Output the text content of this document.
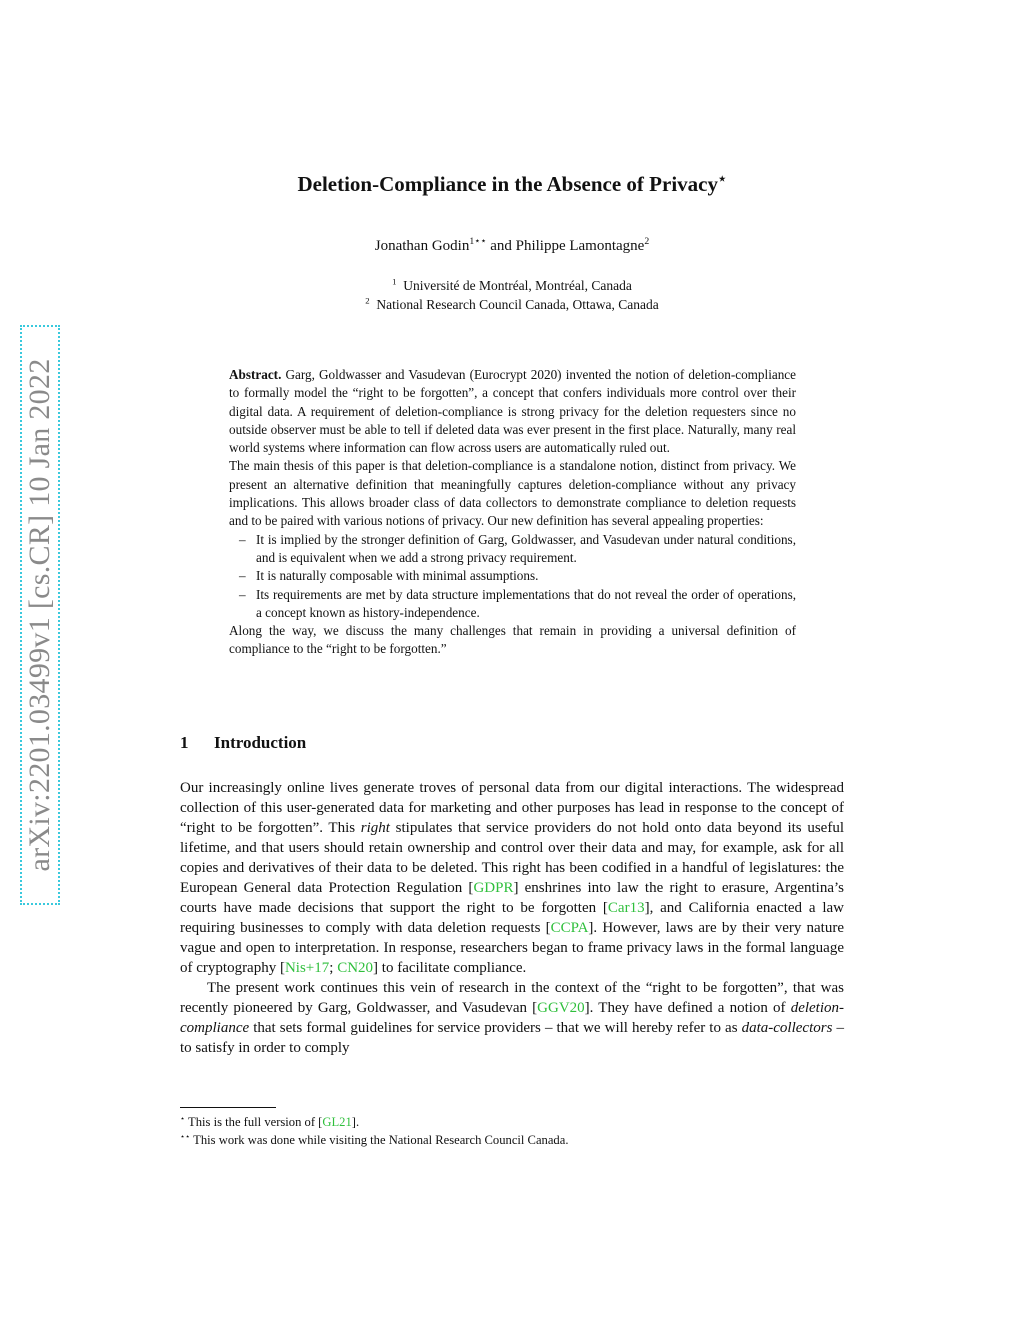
arXiv:2201.03499v1 [cs.CR] 10 Jan 2022
Deletion-Compliance in the Absence of Privacy⋆
Jonathan Godin$^{1⋆⋆}$ and Philippe Lamontagne$^2$
$^1$ Université de Montréal, Montréal, Canada
$^2$ National Research Council Canada, Ottawa, Canada

Abstract. Garg, Goldwasser and Vasudevan (Eurocrypt 2020) invented the notion of deletion-compliance to formally model the “right to be forgotten”, a concept that confers individuals more control over their digital data. A requirement of deletion-compliance is strong privacy for the deletion requesters since no outside observer must be able to tell if deleted data was ever present in the first place. Naturally, many real world systems where information can flow across users are automatically ruled out.

The main thesis of this paper is that deletion-compliance is a standalone notion, distinct from privacy. We present an alternative definition that meaningfully captures deletion-compliance without any privacy implications. This allows broader class of data collectors to demonstrate compliance to deletion requests and to be paired with various notions of privacy. Our new definition has several appealing properties:

– It is implied by the stronger definition of Garg, Goldwasser, and Vasudevan under natural conditions, and is equivalent when we add a strong privacy requirement.
– It is naturally composable with minimal assumptions.
– Its requirements are met by data structure implementations that do not reveal the order of operations, a concept known as history-independence.

Along the way, we discuss the many challenges that remain in providing a universal definition of compliance to the “right to be forgotten.”

1 Introduction

Our increasingly online lives generate troves of personal data from our digital interactions. The widespread collection of this user-generated data for marketing and other purposes has lead in response to the concept of “right to be forgotten”. This right stipulates that service providers do not hold onto data beyond its useful lifetime, and that users should retain ownership and control over their data and may, for example, ask for all copies and derivatives of their data to be deleted. This right has been codified in a handful of legislatures: the European General data Protection Regulation [GDPR] enshrines into law the right to erasure, Argentina’s courts have made decisions that support the right to be forgotten [Car13], and California enacted a law requiring businesses to comply with data deletion requests [CCPA]. However, laws are by their very nature vague and open to interpretation. In response, researchers began to frame privacy laws in the formal language of cryptography [Nis+17; CN20] to facilitate compliance.

The present work continues this vein of research in the context of the “right to be forgotten”, that was recently pioneered by Garg, Goldwasser, and Vasudevan [GGV20]. They have defined a notion of deletion-compliance that sets formal guidelines for service providers – that we will hereby refer to as data-collectors – to satisfy in order to comply

⋆ This is the full version of [GL21].

⋆⋆ This work was done while visiting the National Research Council Canada.
